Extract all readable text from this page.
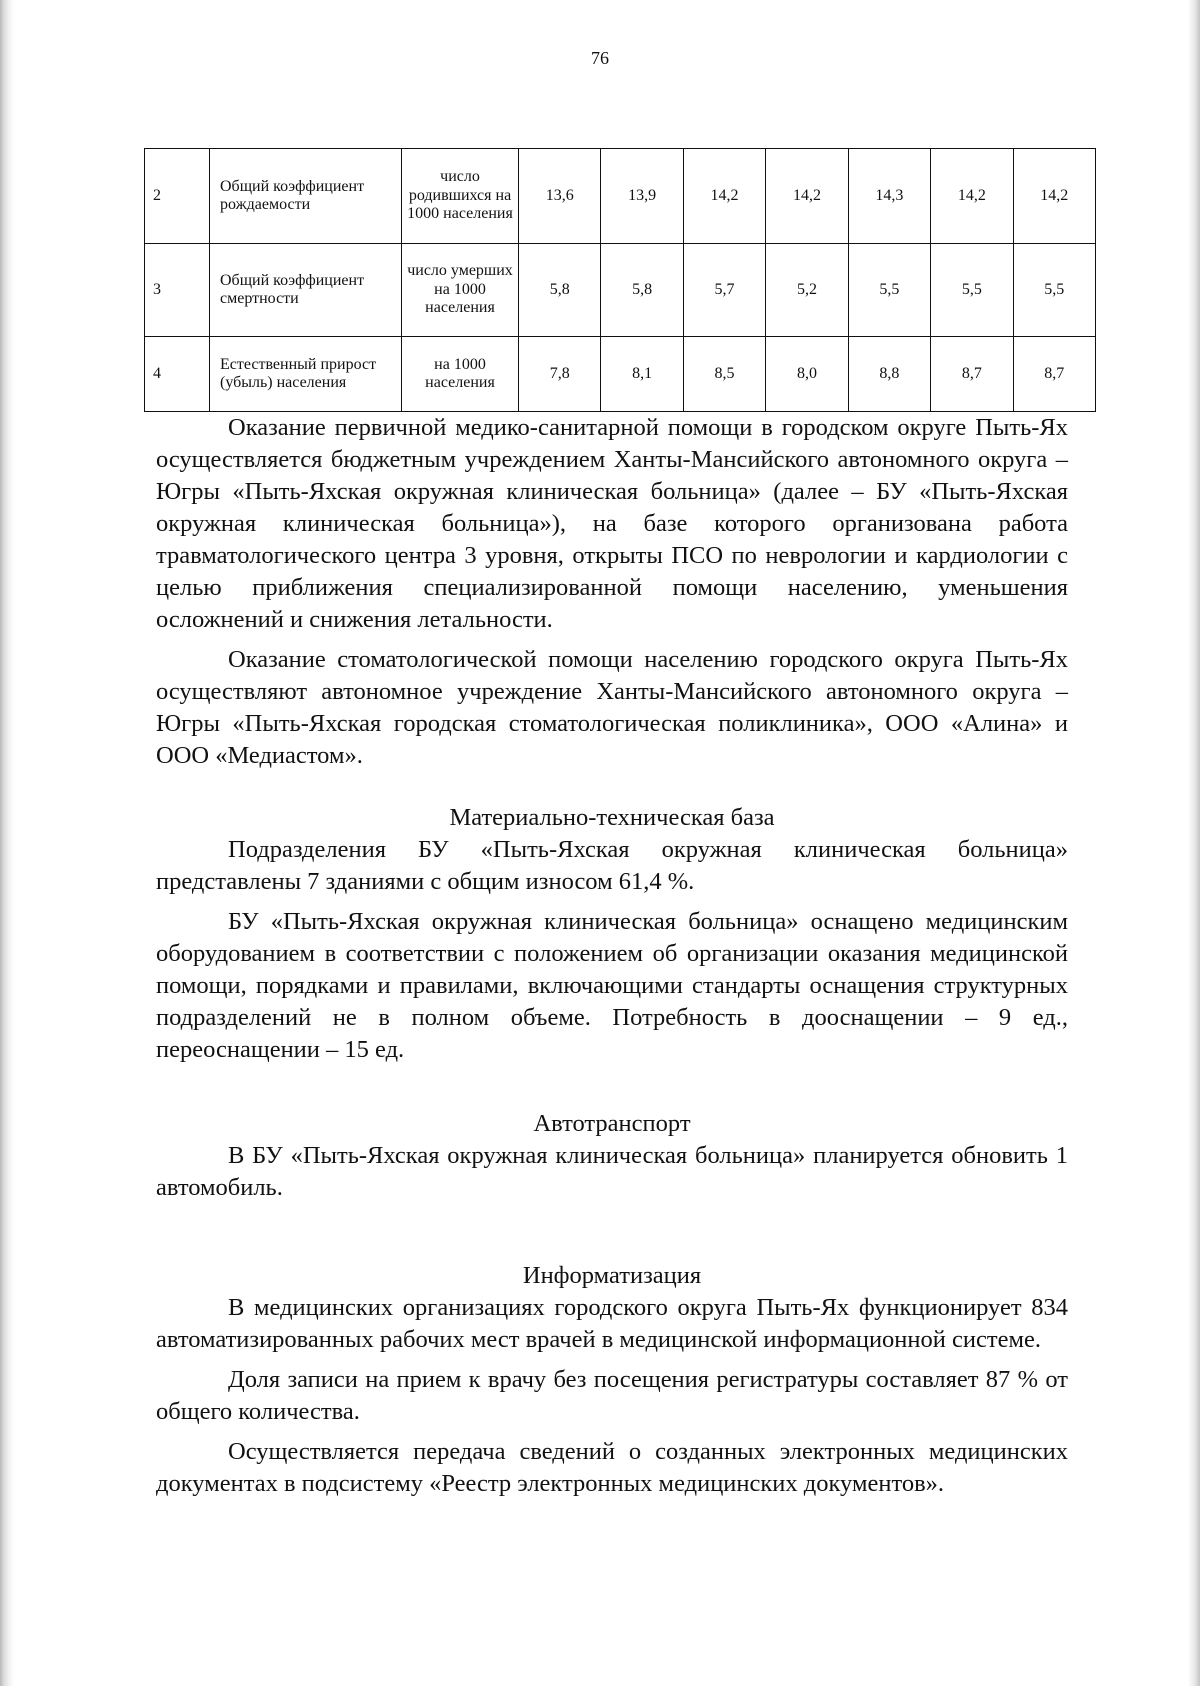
76
2	Общий коэффициент рождаемости	число родившихся на 1000 населения	13,6	13,9	14,2	14,2	14,3	14,2	14,2
3	Общий коэффициент смертности	число умерших на 1000 населения	5,8	5,8	5,7	5,2	5,5	5,5	5,5
4	Естественный прирост (убыль) населения	на 1000 населения	7,8	8,1	8,5	8,0	8,8	8,7	8,7

Оказание первичной медико-санитарной помощи в городском округе Пыть-Ях осуществляется бюджетным учреждением Ханты-Мансийского автономного округа – Югры «Пыть-Яхская окружная клиническая больница» (далее – БУ «Пыть-Яхская окружная клиническая больница»), на базе которого организована работа травматологического центра 3 уровня, открыты ПСО по неврологии и кардиологии с целью приближения специализированной помощи населению, уменьшения осложнений и снижения летальности.

Оказание стоматологической помощи населению городского округа Пыть-Ях осуществляют автономное учреждение Ханты-Мансийского автономного округа – Югры «Пыть-Яхская городская стоматологическая поликлиника», ООО «Алина» и ООО «Медиастом».

Материально-техническая база

Подразделения БУ «Пыть-Яхская окружная клиническая больница» представлены 7 зданиями с общим износом 61,4 %.

БУ «Пыть-Яхская окружная клиническая больница» оснащено медицинским оборудованием в соответствии с положением об организации оказания медицинской помощи, порядками и правилами, включающими стандарты оснащения структурных подразделений не в полном объеме. Потребность в дооснащении – 9 ед., переоснащении – 15 ед.

Автотранспорт

В БУ «Пыть-Яхская окружная клиническая больница» планируется обновить 1 автомобиль.

Информатизация

В медицинских организациях городского округа Пыть-Ях функционирует 834 автоматизированных рабочих мест врачей в медицинской информационной системе.

Доля записи на прием к врачу без посещения регистратуры составляет 87 % от общего количества.

Осуществляется передача сведений о созданных электронных медицинских документах в подсистему «Реестр электронных медицинских документов».
